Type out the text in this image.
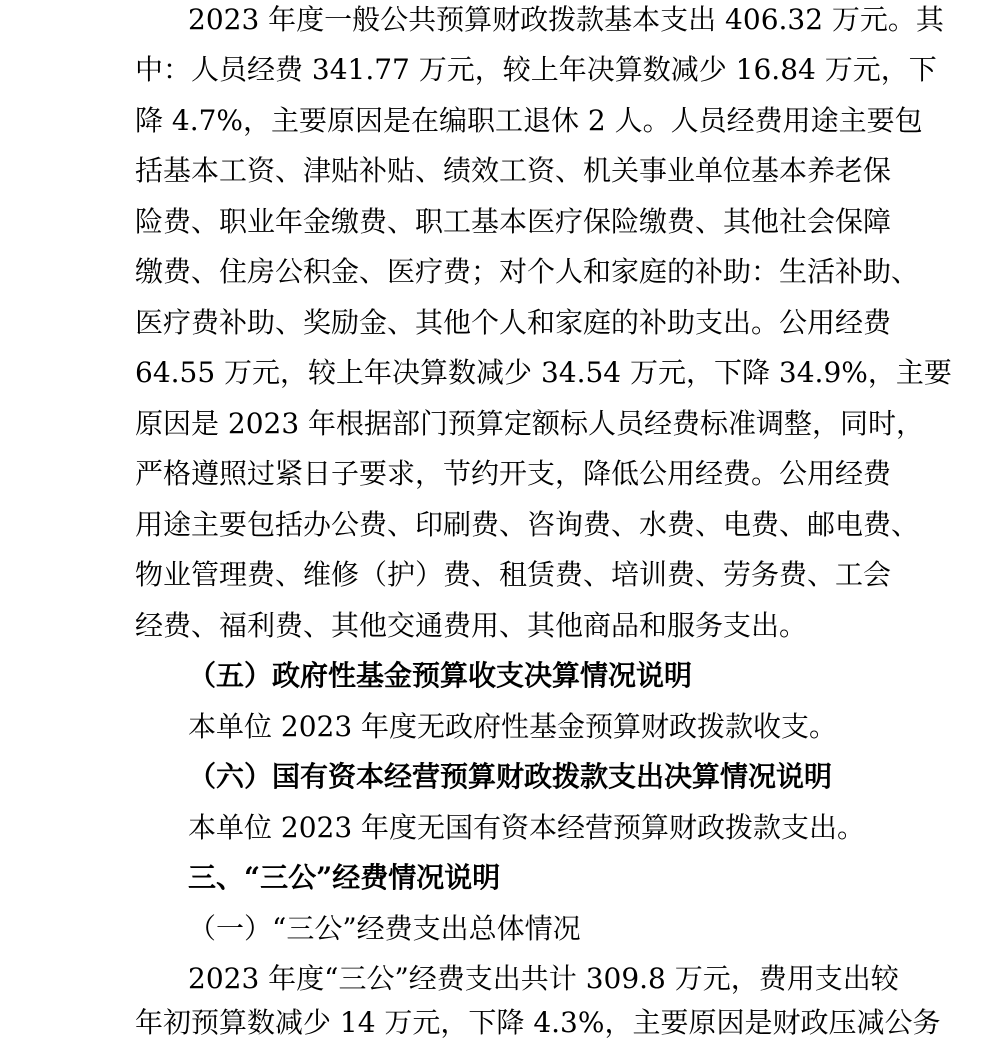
2023 年度一般公共预算财政拨款基本支出 406.32 万元。其
中：人员经费 341.77 万元，较上年决算数减少 16.84 万元，下
降 4.7%，主要原因是在编职工退休 2 人。人员经费用途主要包
括基本工资、津贴补贴、绩效工资、机关事业单位基本养老保
险费、职业年金缴费、职工基本医疗保险缴费、其他社会保障
缴费、住房公积金、医疗费；对个人和家庭的补助：生活补助、
医疗费补助、奖励金、其他个人和家庭的补助支出。公用经费
64.55 万元，较上年决算数减少 34.54 万元，下降 34.9%，主要
原因是 2023 年根据部门预算定额标人员经费标准调整，同时，
严格遵照过紧日子要求，节约开支，降低公用经费。公用经费
用途主要包括办公费、印刷费、咨询费、水费、电费、邮电费、
物业管理费、维修（护）费、租赁费、培训费、劳务费、工会
经费、福利费、其他交通费用、其他商品和服务支出。
（五）政府性基金预算收支决算情况说明
本单位 2023 年度无政府性基金预算财政拨款收支。
（六）国有资本经营预算财政拨款支出决算情况说明
本单位 2023 年度无国有资本经营预算财政拨款支出。
三、“三公”经费情况说明
（一）“三公”经费支出总体情况
2023 年度“三公”经费支出共计 309.8 万元，费用支出较
年初预算数减少 14 万元，下降 4.3%，主要原因是财政压减公务
